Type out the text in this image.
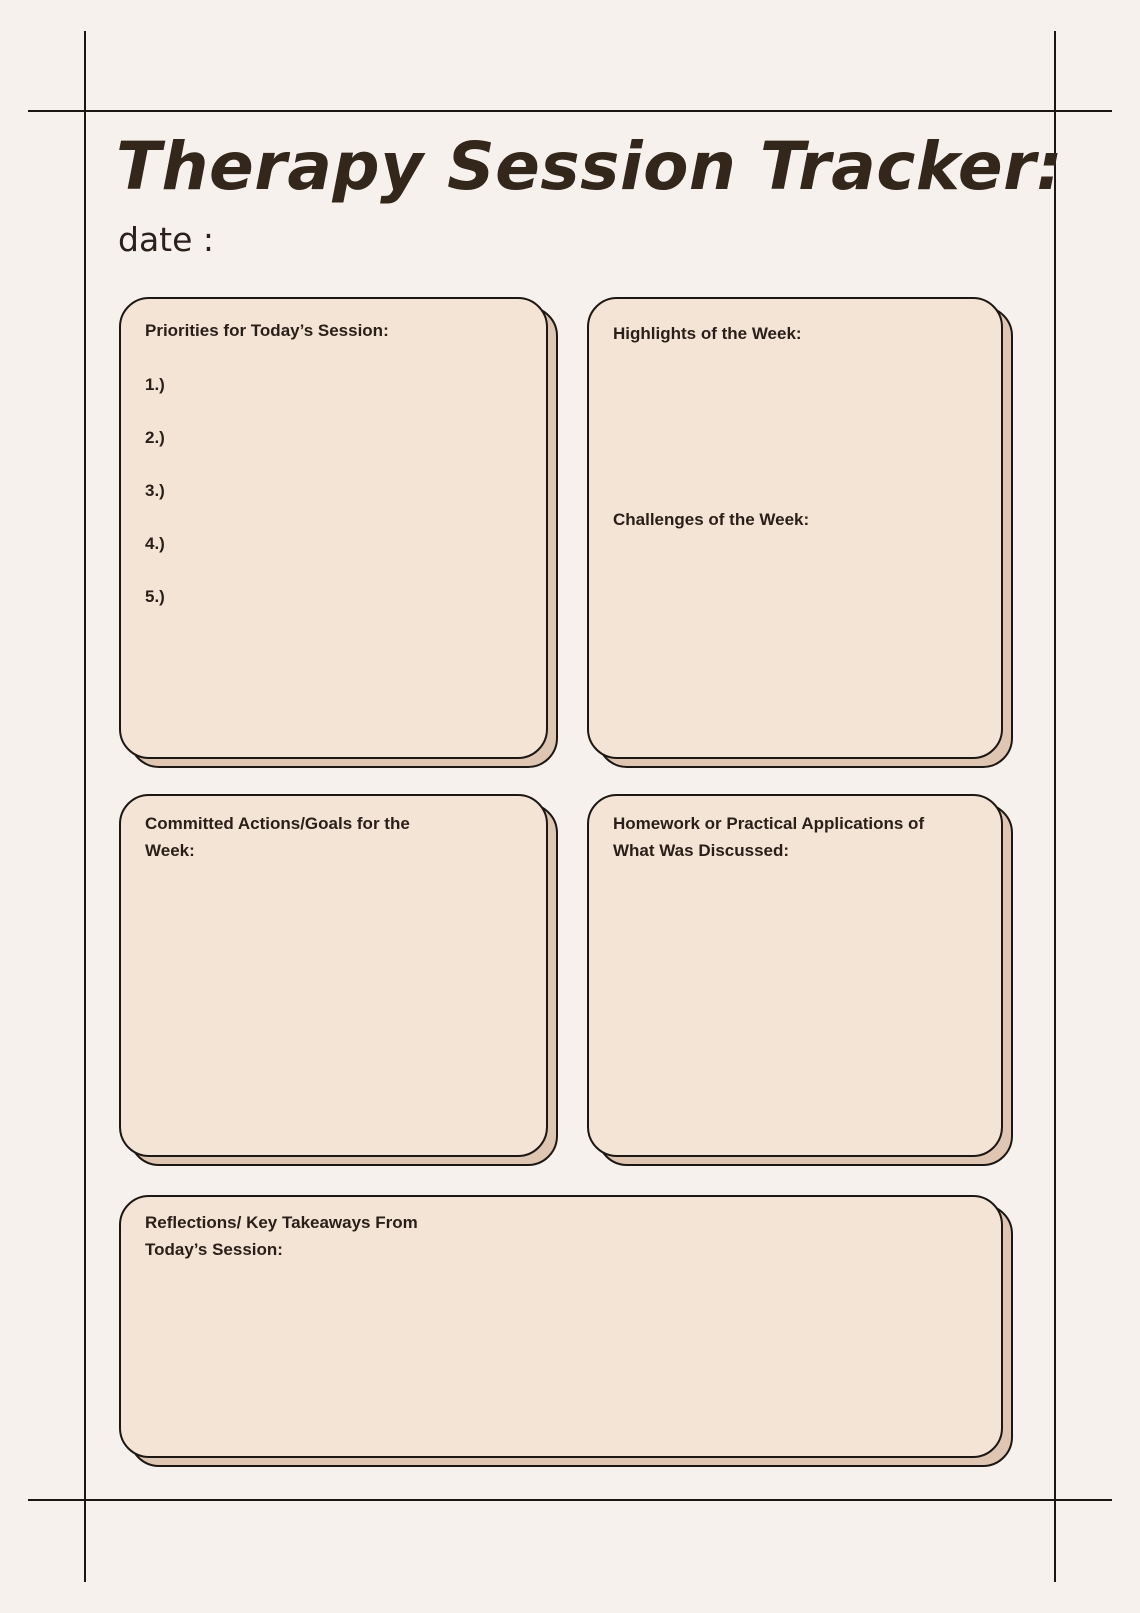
Therapy Session Tracker:
date :
Priorities for Today’s Session:
1.)
2.)
3.)
4.)
5.)
Highlights of the Week:
Challenges of the Week:
Committed Actions/Goals for the
Week:
Homework or Practical Applications of
What Was Discussed:
Reflections/ Key Takeaways From
Today’s Session:
